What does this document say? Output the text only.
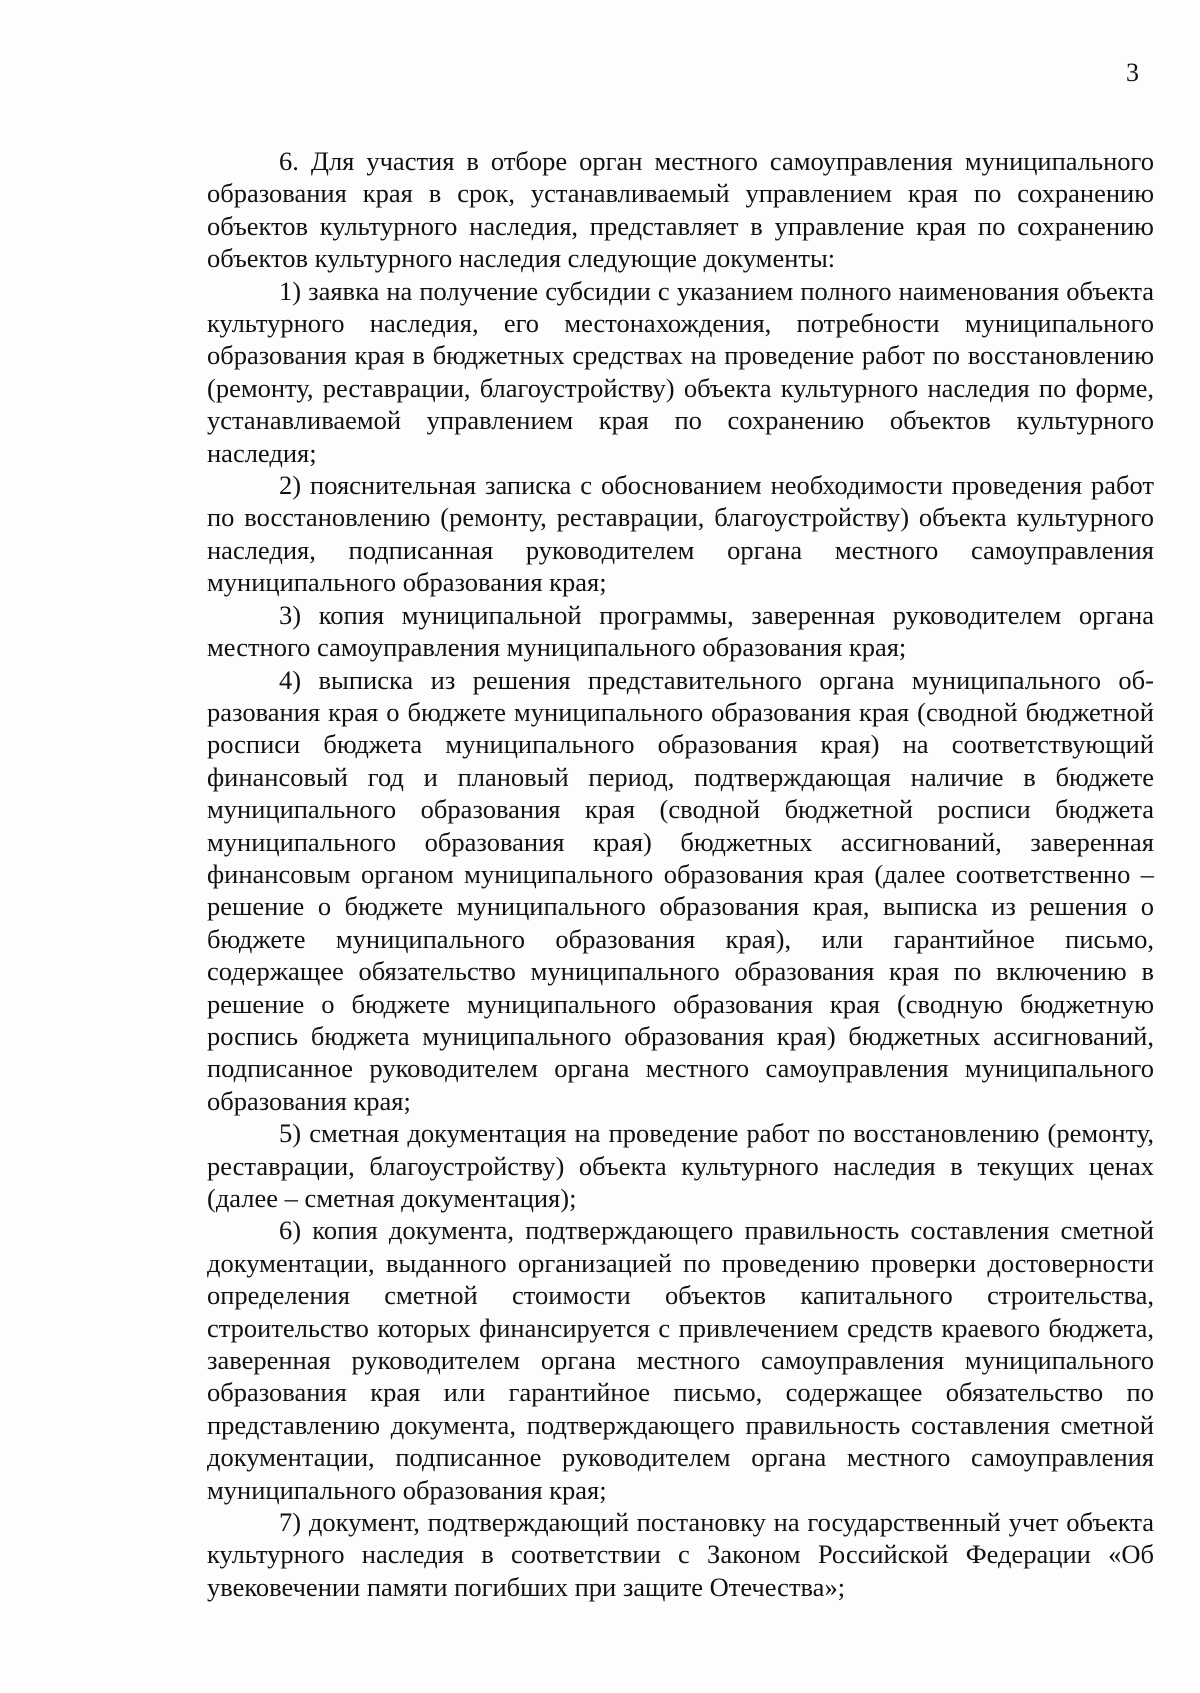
3

6. Для участия в отборе орган местного самоуправления муниципального образования края в срок, устанавливаемый управлением края по сохранению объектов культурного наследия, представляет в управление края по сохранению объектов культурного наследия следующие документы:

1) заявка на получение субсидии с указанием полного наименования объекта культурного наследия, его местонахождения, потребности муниципального образования края в бюджетных средствах на проведение работ по восстановлению (ремонту, реставрации, благоустройству) объекта культурного наследия по форме, устанавливаемой управлением края по сохранению объектов культурного наследия;

2) пояснительная записка с обоснованием необходимости проведения работ по восстановлению (ремонту, реставрации, благоустройству) объекта культурного наследия, подписанная руководителем органа местного самоуправления муниципального образования края;

3) копия муниципальной программы, заверенная руководителем органа местного самоуправления муниципального образования края;

4) выписка из решения представительного органа муниципального образования края о бюджете муниципального образования края (сводной бюджетной росписи бюджета муниципального образования края) на соответствующий финансовый год и плановый период, подтверждающая наличие в бюджете муниципального образования края (сводной бюджетной росписи бюджета муниципального образования края) бюджетных ассигнований, заверенная финансовым органом муниципального образования края (далее соответственно – решение о бюджете муниципального образования края, выписка из решения о бюджете муниципального образования края), или гарантийное письмо, содержащее обязательство муниципального образования края по включению в решение о бюджете муниципального образования края (сводную бюджетную роспись бюджета муниципального образования края) бюджетных ассигнований, подписанное руководителем органа местного самоуправления муниципального образования края;

5) сметная документация на проведение работ по восстановлению (ремонту, реставрации, благоустройству) объекта культурного наследия в текущих ценах (далее – сметная документация);

6) копия документа, подтверждающего правильность составления сметной документации, выданного организацией по проведению проверки достоверности определения сметной стоимости объектов капитального строительства, строительство которых финансируется с привлечением средств краевого бюджета, заверенная руководителем органа местного самоуправления муниципального образования края или гарантийное письмо, содержащее обязательство по представлению документа, подтверждающего правильность составления сметной документации, подписанное руководителем органа местного самоуправления муниципального образования края;

7) документ, подтверждающий постановку на государственный учет объекта культурного наследия в соответствии с Законом Российской Федерации «Об увековечении памяти погибших при защите Отечества»;
